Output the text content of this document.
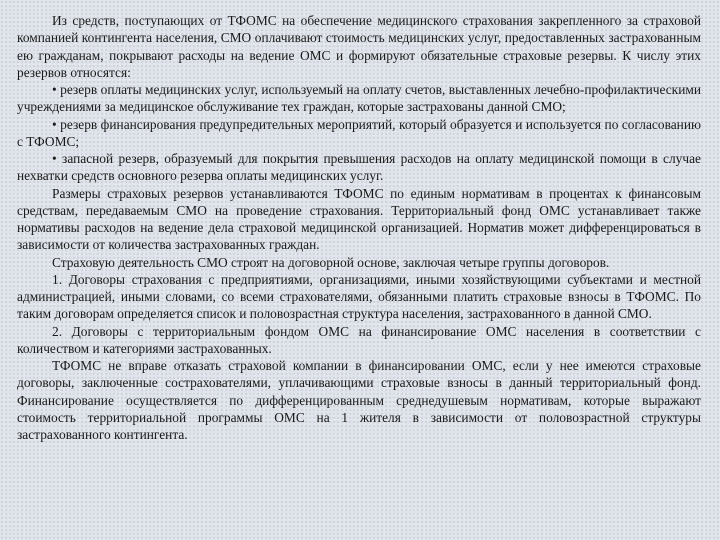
Из средств, поступающих от ТФОМС на обеспечение медицинского страхования закрепленного за страховой компанией контингента населения, СМО оплачивают стоимость медицинских услуг, предоставленных застрахованным ею гражданам, покрывают расходы на ведение ОМС и формируют обязательные страховые резервы. К числу этих резервов относятся:

• резерв оплаты медицинских услуг, используемый на оплату счетов, выставленных лечебно-профилактическими учреждениями за медицинское обслуживание тех граждан, которые застрахованы данной СМО;

• резерв финансирования предупредительных мероприятий, который образуется и используется по согласованию с ТФОМС;

• запасной резерв, образуемый для покрытия превышения расходов на оплату медицинской помощи в случае нехватки средств основного резерва оплаты медицинских услуг.

Размеры страховых резервов устанавливаются ТФОМС по единым нормативам в процентах к финансовым средствам, передаваемым СМО на проведение страхования. Территориальный фонд ОМС устанавливает также нормативы расходов на ведение дела страховой медицинской организацией. Норматив может дифференцироваться в зависимости от количества застрахованных граждан.

Страховую деятельность СМО строят на договорной основе, заключая четыре группы договоров.

1. Договоры страхования с предприятиями, организациями, иными хозяйствующими субъектами и местной администрацией, иными словами, со всеми страхователями, обязанными платить страховые взносы в ТФОМС. По таким договорам определяется список и половозрастная структура населения, застрахованного в данной СМО.

2. Договоры с территориальным фондом ОМС на финансирование ОМС населения в соответствии с количеством и категориями застрахованных.

ТФОМС не вправе отказать страховой компании в финансировании ОМС, если у нее имеются страховые договоры, заключенные сострахователями, уплачивающими страховые взносы в данный территориальный фонд. Финансирование осуществляется по дифференцированным среднедушевым нормативам, которые выражают стоимость территориальной программы ОМС на 1 жителя в зависимости от половозрастной структуры застрахованного контингента.
